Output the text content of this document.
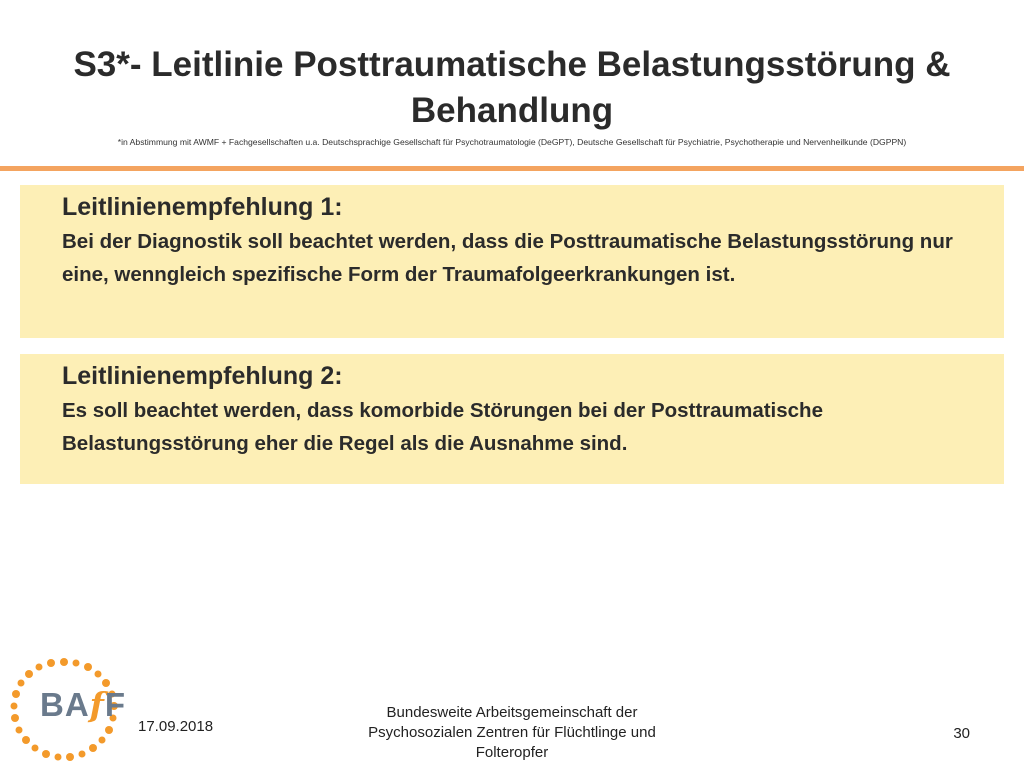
S3*- Leitlinie Posttraumatische Belastungsstörung & Behandlung
*in Abstimmung mit AWMF + Fachgesellschaften u.a. Deutschsprachige Gesellschaft für Psychotraumatologie (DeGPT), Deutsche Gesellschaft für Psychiatrie, Psychotherapie und Nervenheilkunde (DGPPN)
Leitlinienempfehlung 1:
Bei der Diagnostik soll beachtet werden, dass die Posttraumatische Belastungsstörung nur eine, wenngleich spezifische Form der Traumafolgeerkrankungen ist.
Leitlinienempfehlung 2:
Es soll beachtet werden, dass komorbide Störungen bei der Posttraumatische Belastungsstörung eher die Regel als die Ausnahme sind.
BAfF
17.09.2018
Bundesweite Arbeitsgemeinschaft der Psychosozialen Zentren für Flüchtlinge und Folteropfer
30
